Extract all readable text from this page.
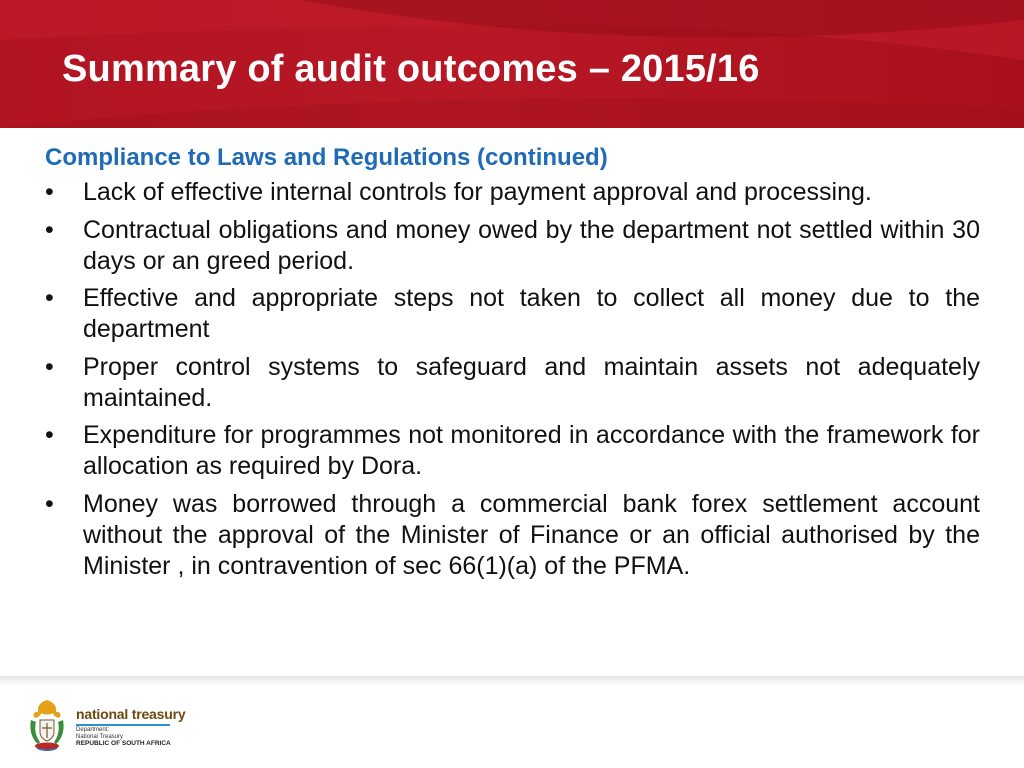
Summary of audit outcomes – 2015/16
Compliance to Laws and Regulations (continued)
•	Lack of effective internal controls for payment approval and processing.
•	Contractual obligations and money owed by the department not settled within 30 days or an greed period.
•	Effective and appropriate steps not taken to collect all money due to the department
•	Proper control systems to safeguard and maintain assets not adequately maintained.
•	Expenditure for programmes not monitored in accordance with the framework for allocation as required by Dora.
•	Money was borrowed through a commercial bank forex settlement account without the approval of the Minister of Finance or an official authorised by the Minister , in contravention of sec 66(1)(a) of the PFMA.
national treasury
Department:
National Treasury
REPUBLIC OF SOUTH AFRICA
